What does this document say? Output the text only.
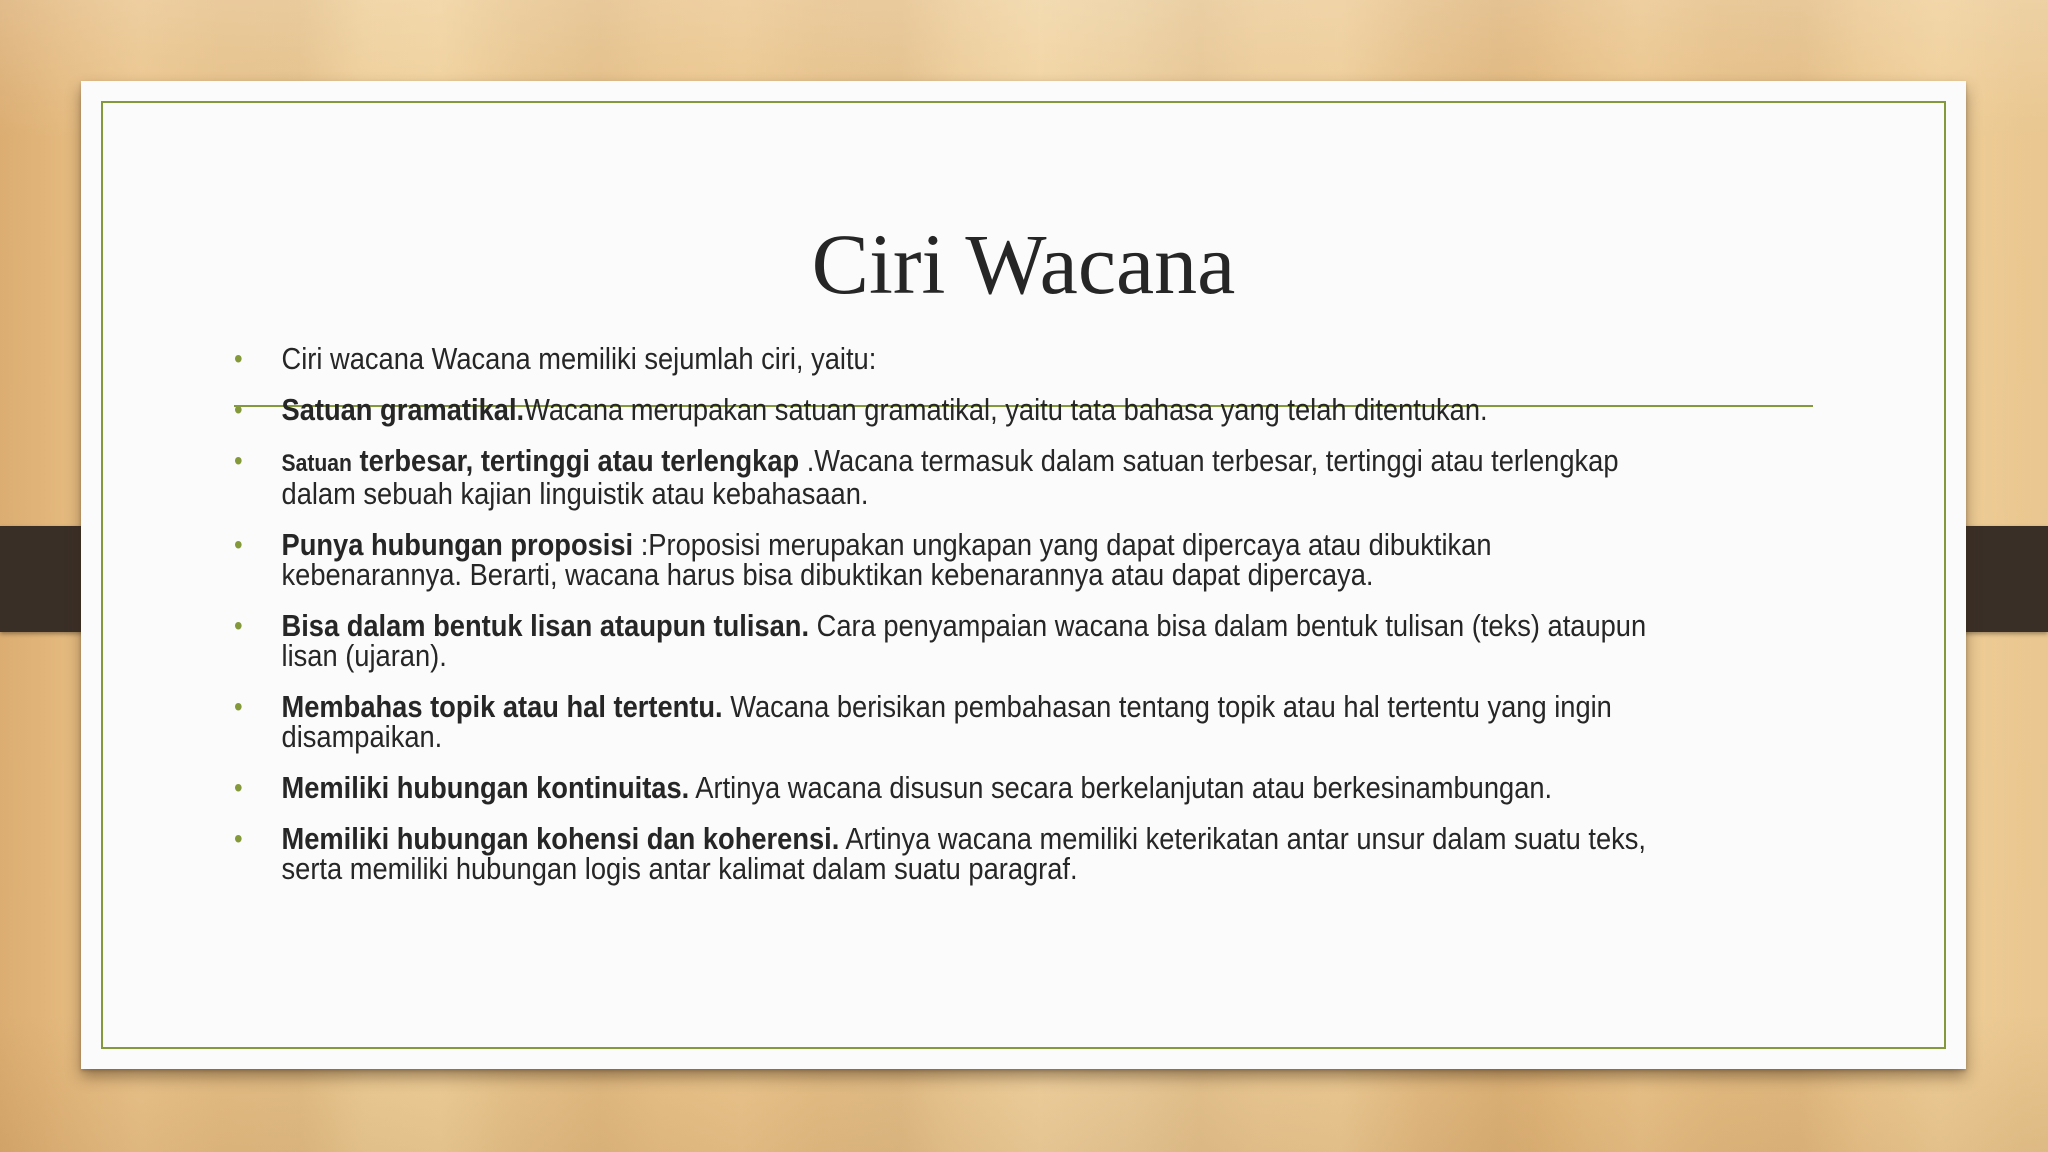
Ciri Wacana
• Ciri wacana Wacana memiliki sejumlah ciri, yaitu:
• Satuan gramatikal.Wacana merupakan satuan gramatikal, yaitu tata bahasa yang telah ditentukan.
• Satuan terbesar, tertinggi atau terlengkap .Wacana termasuk dalam satuan terbesar, tertinggi atau terlengkap dalam sebuah kajian linguistik atau kebahasaan.
• Punya hubungan proposisi :Proposisi merupakan ungkapan yang dapat dipercaya atau dibuktikan kebenarannya. Berarti, wacana harus bisa dibuktikan kebenarannya atau dapat dipercaya.
• Bisa dalam bentuk lisan ataupun tulisan. Cara penyampaian wacana bisa dalam bentuk tulisan (teks) ataupun lisan (ujaran).
• Membahas topik atau hal tertentu. Wacana berisikan pembahasan tentang topik atau hal tertentu yang ingin disampaikan.
• Memiliki hubungan kontinuitas. Artinya wacana disusun secara berkelanjutan atau berkesinambungan.
• Memiliki hubungan kohensi dan koherensi. Artinya wacana memiliki keterikatan antar unsur dalam suatu teks, serta memiliki hubungan logis antar kalimat dalam suatu paragraf.
